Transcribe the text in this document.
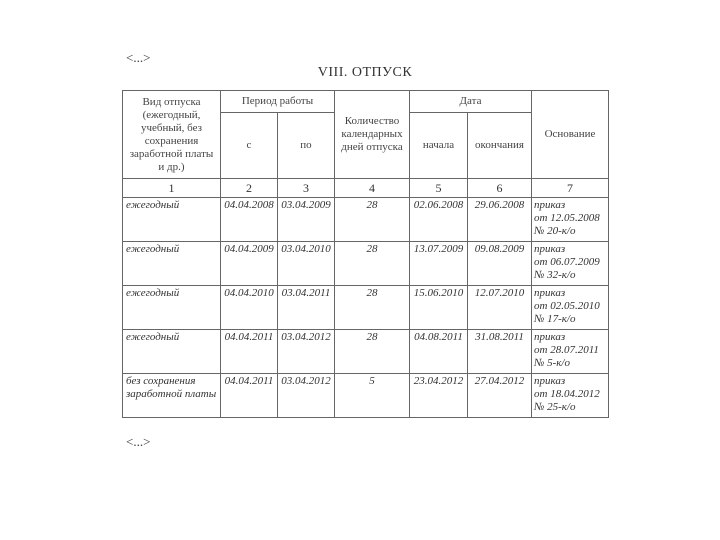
<...>
VIII. ОТПУСК
Вид отпуска (ежегодный, учебный, без сохранения заработной платы и др.)	Период работы		Количество календарных дней отпуска	Дата		Основание
	с	по		начала	окончания	
1	2	3	4	5	6	7
ежегодный	04.04.2008	03.04.2009	28	02.06.2008	29.06.2008	приказ
от 12.05.2008
№ 20-к/о

ежегодный	04.04.2009	03.04.2010	28	13.07.2009	09.08.2009	приказ
от 06.07.2009
№ 32-к/о

ежегодный	04.04.2010	03.04.2011	28	15.06.2010	12.07.2010	приказ
от 02.05.2010
№ 17-к/о

ежегодный	04.04.2011	03.04.2012	28	04.08.2011	31.08.2011	приказ
от 28.07.2011
№ 5-к/о

без сохранения заработной платы	04.04.2011	03.04.2012	5	23.04.2012	27.04.2012	приказ
от 18.04.2012
№ 25-к/о
<...>
